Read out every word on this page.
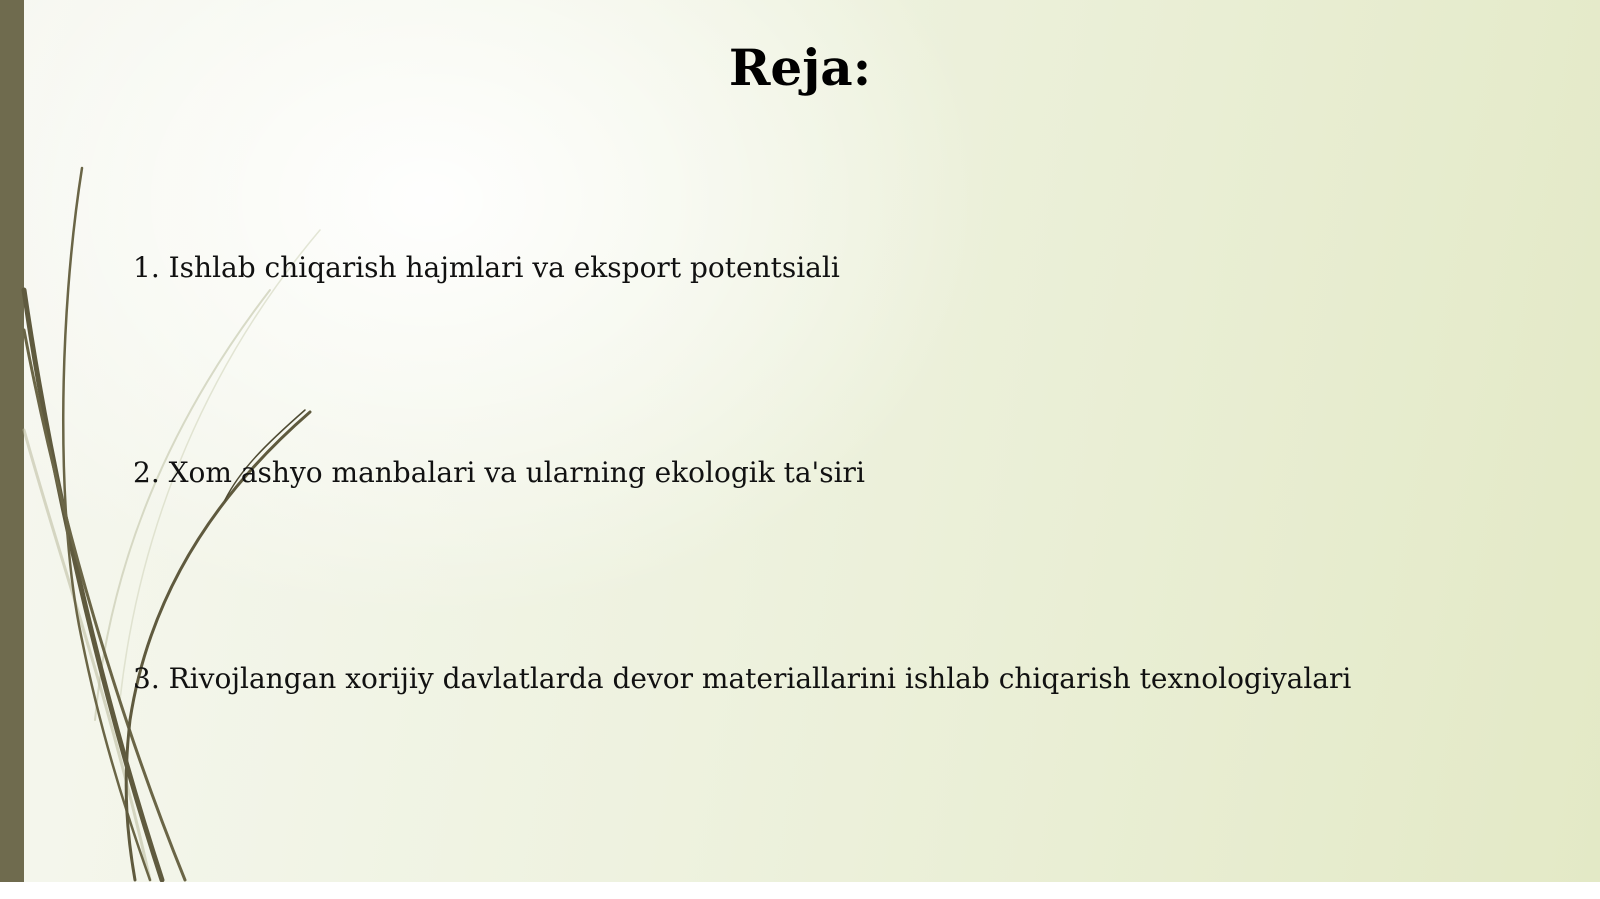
Reja:
1. Ishlab chiqarish hajmlari va eksport potentsiali
2. Xom ashyo manbalari va ularning ekologik ta'siri
3. Rivojlangan xorijiy davlatlarda devor materiallarini ishlab chiqarish texnologiyalari
